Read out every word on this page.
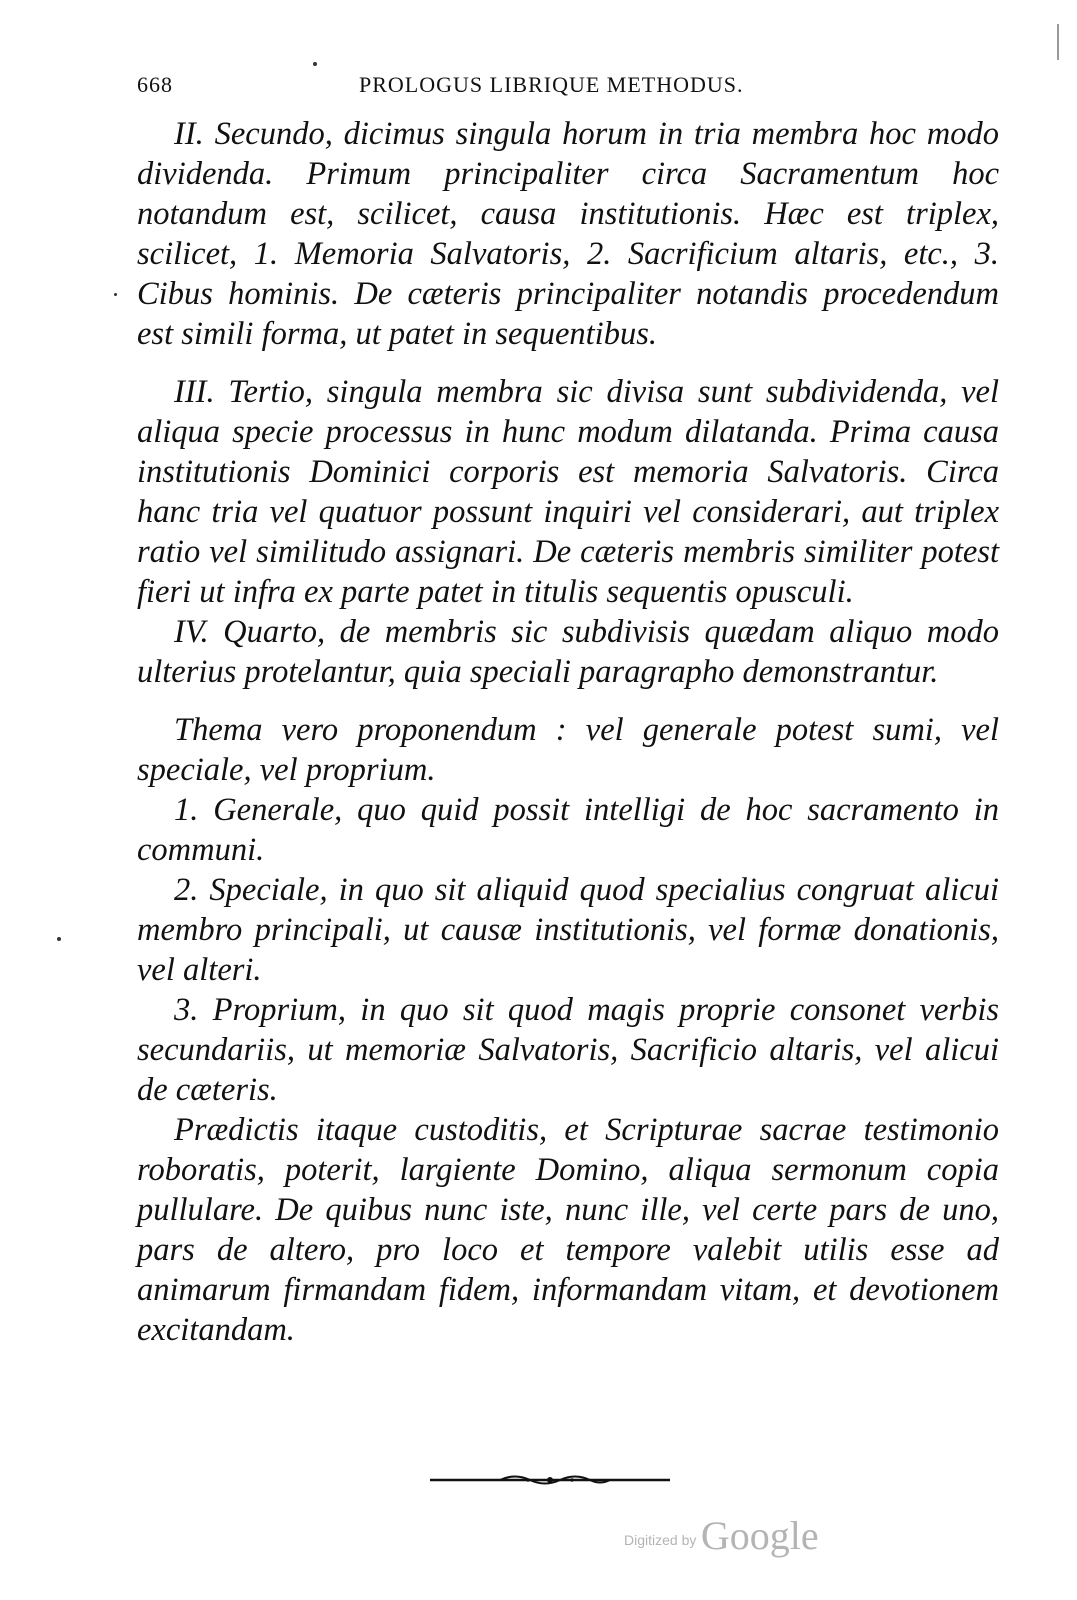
668	PROLOGUS LIBRIQUE METHODUS.

II. Secundo, dicimus singula horum in tria membra hoc modo dividenda. Primum principaliter circa Sacramentum hoc notandum est, scilicet, causa institutionis. Hæc est triplex, scilicet, 1. Memoria Salvatoris, 2. Sacrificium altaris, etc., 3. Cibus hominis. De cæteris principaliter notandis procedendum est simili forma, ut patet in sequentibus.

III. Tertio, singula membra sic divisa sunt subdividenda, vel aliqua specie processus in hunc modum dilatanda. Prima causa institutionis Dominici corporis est memoria Salvatoris. Circa hanc tria vel quatuor possunt inquiri vel considerari, aut triplex ratio vel similitudo assignari. De cæteris membris similiter potest fieri ut infra ex parte patet in titulis sequentis opusculi.

IV. Quarto, de membris sic subdivisis quædam aliquo modo ulterius protelantur, quia speciali paragrapho demonstrantur.

Thema vero proponendum : vel generale potest sumi, vel speciale, vel proprium.

1. Generale, quo quid possit intelligi de hoc sacramento in communi.

2. Speciale, in quo sit aliquid quod specialius congruat alicui membro principali, ut causæ institutionis, vel formæ donationis, vel alteri.

3. Proprium, in quo sit quod magis proprie consonet verbis secundariis, ut memoriæ Salvatoris, Sacrificio altaris, vel alicui de cæteris.

Prædictis itaque custoditis, et Scripturae sacrae testimonio roboratis, poterit, largiente Domino, aliqua sermonum copia pullulare. De quibus nunc iste, nunc ille, vel certe pars de uno, pars de altero, pro loco et tempore valebit utilis esse ad animarum firmandam fidem, informandam vitam, et devotionem excitandam.

Digitized by Google
